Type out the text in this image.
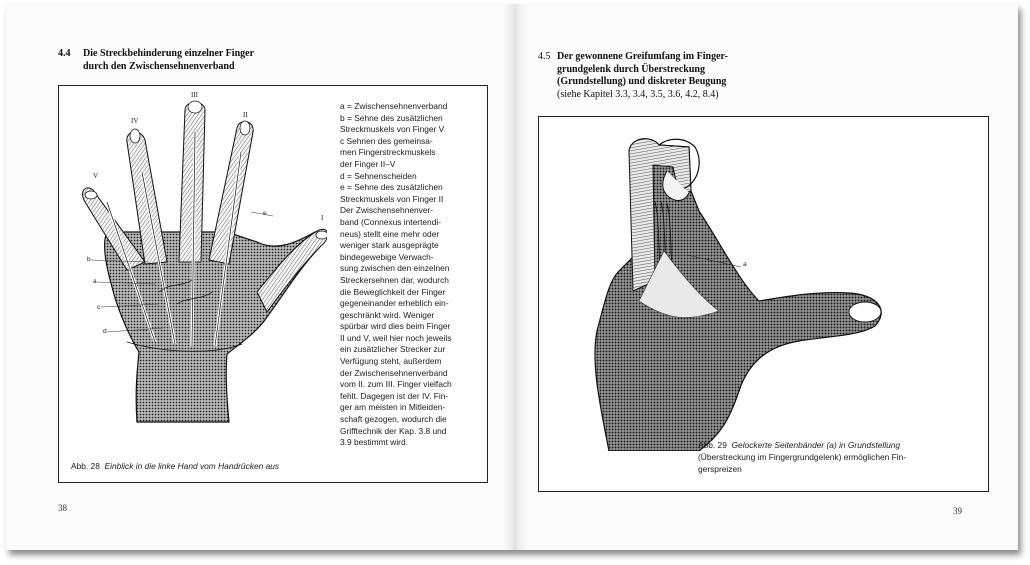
4.4 Die Streckbehinderung einzelner Finger
durch den Zwischensehnenverband
V
IV
III
II
I
b
a
c
e
d
a = Zwischensehnenverband
b = Sehne des zusätzlichen
Streckmuskels von Finger V
c Sehnen des gemeinsa-
men Fingerstreckmuskels
der Finger II–V
d = Sehnenscheiden
e = Sehne des zusätzlichen
Streckmuskels von Finger II
Der Zwischensehnenver-
band (Connexus intertendi-
neus) stellt eine mehr oder
weniger stark ausgeprägte
bindegewebige Verwach-
sung zwischen den einzelnen
Streckersehnen dar, wodurch
die Beweglichkeit der Finger
gegeneinander erheblich ein-
geschränkt wird. Weniger
spürbar wird dies beim Finger
II und V, weil hier noch jeweils
ein zusätzlicher Strecker zur
Verfügung steht, außerdem
der Zwischensehnenverband
vom II. zum III. Finger vielfach
fehlt. Dagegen ist der IV. Fin-
ger am meisten in Mitleiden-
schaft gezogen, wodurch die
Grifftechnik der Kap. 3.8 und
3.9 bestimmt wird.
Abb. 28 Einblick in die linke Hand vom Handrücken aus
38
4.5 Der gewonnene Greifumfang im Finger-
grundgelenk durch Überstreckung
(Grundstellung) und diskreter Beugung
(siehe Kapitel 3.3, 3.4, 3.5, 3.6, 4.2, 8.4)
a
Abb. 29 Gelockerte Seitenbänder (a) in Grundstellung
(Überstreckung im Fingergrundgelenk) ermöglichen Fin-
gerspreizen
39
